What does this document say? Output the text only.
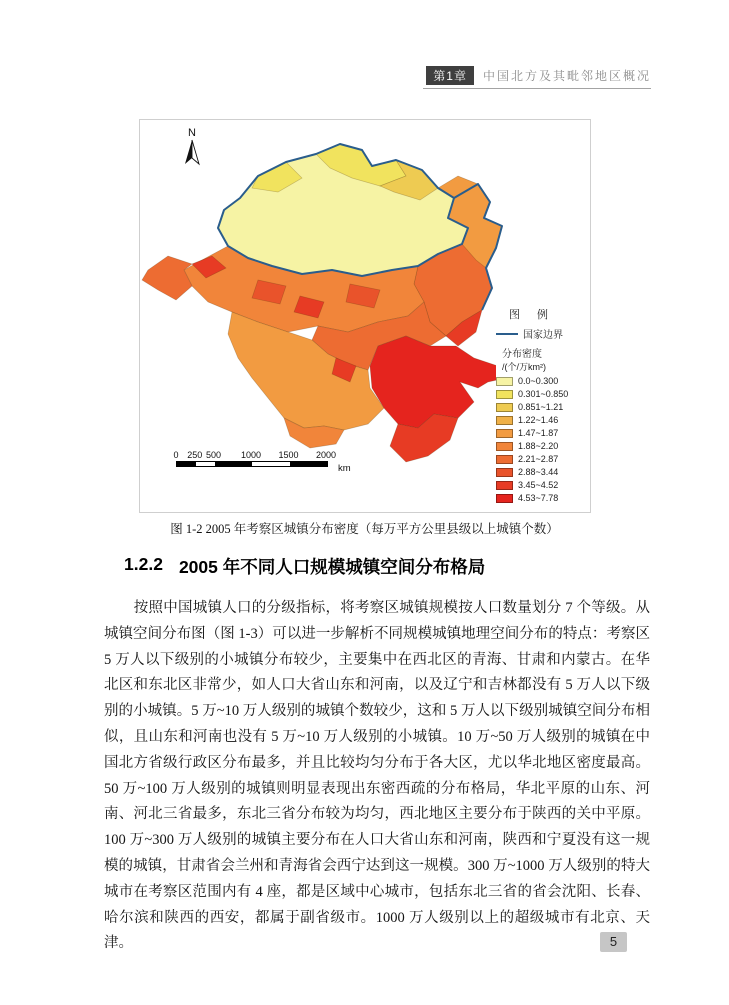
第1章	中国北方及其毗邻地区概况
N
图 例
国家边界
分布密度
/(个/万km²)
0.0~0.300
0.301~0.850
0.851~1.21
1.22~1.46
1.47~1.87
1.88~2.20
2.21~2.87
2.88~3.44
3.45~4.52
4.53~7.78
0 250 500 1000 1500 2000
km
图 1-2 2005 年考察区城镇分布密度（每万平方公里县级以上城镇个数）
1.2.2 2005 年不同人口规模城镇空间分布格局
按照中国城镇人口的分级指标，将考察区城镇规模按人口数量划分 7 个等级。从城镇空间分布图（图 1-3）可以进一步解析不同规模城镇地理空间分布的特点：考察区 5 万人以下级别的小城镇分布较少，主要集中在西北区的青海、甘肃和内蒙古。在华北区和东北区非常少，如人口大省山东和河南，以及辽宁和吉林都没有 5 万人以下级别的小城镇。5 万~10 万人级别的城镇个数较少，这和 5 万人以下级别城镇空间分布相似，且山东和河南也没有 5 万~10 万人级别的小城镇。10 万~50 万人级别的城镇在中国北方省级行政区分布最多，并且比较均匀分布于各大区，尤以华北地区密度最高。50 万~100 万人级别的城镇则明显表现出东密西疏的分布格局，华北平原的山东、河南、河北三省最多，东北三省分布较为均匀，西北地区主要分布于陕西的关中平原。100 万~300 万人级别的城镇主要分布在人口大省山东和河南，陕西和宁夏没有这一规模的城镇，甘肃省会兰州和青海省会西宁达到这一规模。300 万~1000 万人级别的特大城市在考察区范围内有 4 座，都是区域中心城市，包括东北三省的省会沈阳、长春、哈尔滨和陕西的西安，都属于副省级市。1000 万人级别以上的超级城市有北京、天津。	5
